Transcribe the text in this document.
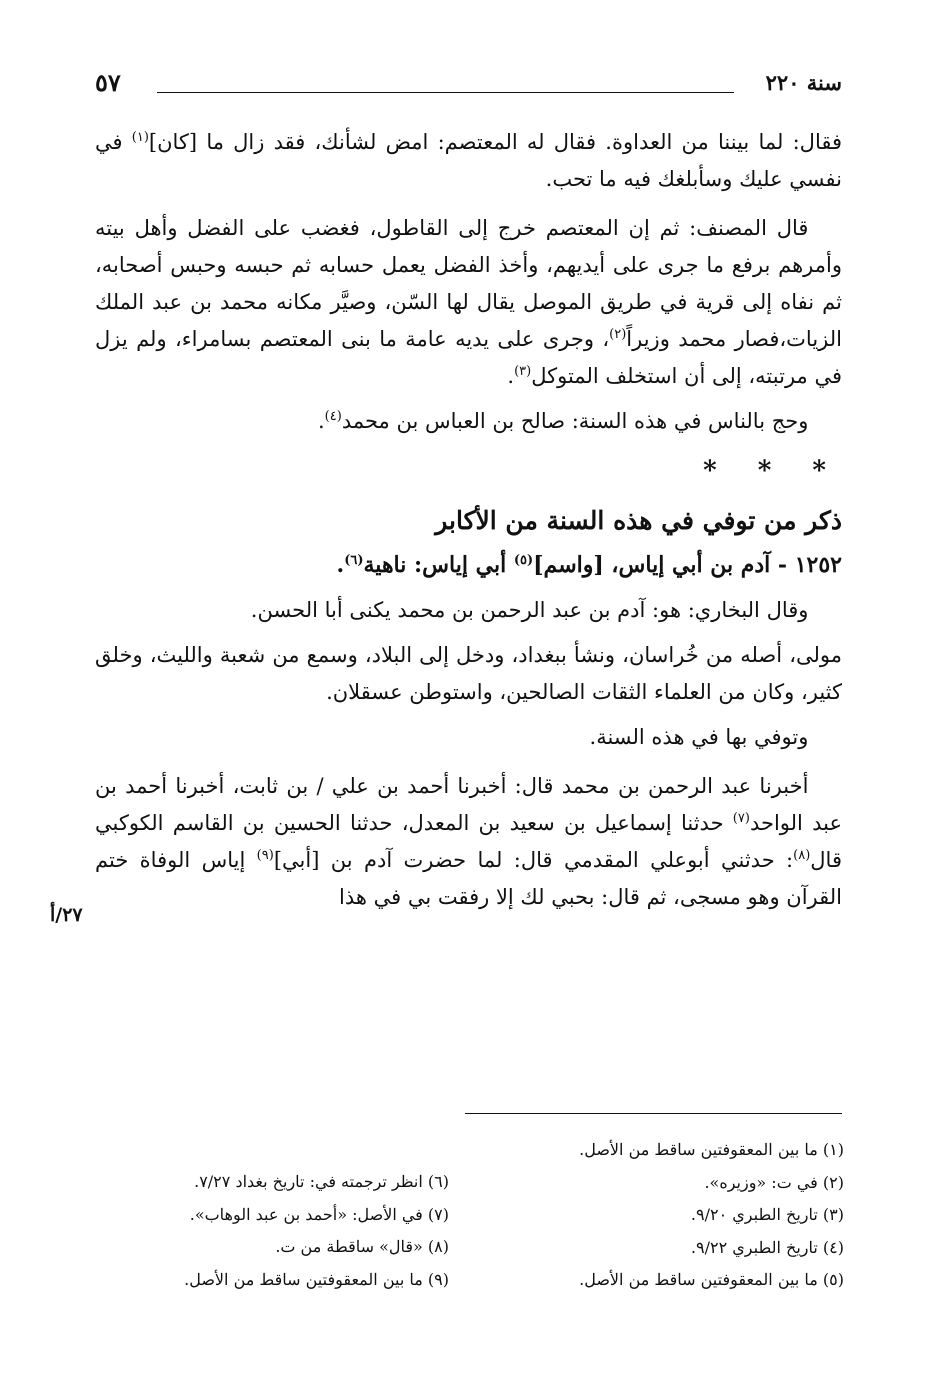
سنة ٢٢٠
٥٧
٢٧/أ

فقال: لما بيننا من العداوة. فقال له المعتصم: امض لشأنك، فقد زال ما [كان]$^{(١)}$ في نفسي عليك وسأبلغك فيه ما تحب.

قال المصنف: ثم إن المعتصم خرج إلى القاطول، فغضب على الفضل وأهل بيته وأمرهم برفع ما جرى على أيديهم، وأخذ الفضل يعمل حسابه ثم حبسه وحبس أصحابه، ثم نفاه إلى قرية في طريق الموصل يقال لها السّن، وصيَّر مكانه محمد بن عبد الملك الزيات،فصار محمد وزيراً$^{(٢)}$، وجرى على يديه عامة ما بنى المعتصم بسامراء، ولم يزل في مرتبته، إلى أن استخلف المتوكل$^{(٣)}$.

وحج بالناس في هذه السنة: صالح بن العباس بن محمد$^{(٤)}$.

* * *

ذكر من توفي في هذه السنة من الأكابر

١٢٥٢ - آدم بن أبي إياس، [واسم]$^{(٥)}$ أبي إياس: ناهية$^{(٦)}$.

وقال البخاري: هو: آدم بن عبد الرحمن بن محمد يكنى أبا الحسن.

مولى، أصله من خُراسان، ونشأ ببغداد، ودخل إلى البلاد، وسمع من شعبة والليث، وخلق كثير، وكان من العلماء الثقات الصالحين، واستوطن عسقلان.

وتوفي بها في هذه السنة.

أخبرنا عبد الرحمن بن محمد قال: أخبرنا أحمد بن علي / بن ثابت، أخبرنا أحمد بن عبد الواحد$^{(٧)}$ حدثنا إسماعيل بن سعيد بن المعدل، حدثنا الحسين بن القاسم الكوكبي قال$^{(٨)}$: حدثني أبوعلي المقدمي قال: لما حضرت آدم بن [أبي]$^{(٩)}$ إياس الوفاة ختم القرآن وهو مسجى، ثم قال: بحبي لك إلا رفقت بي في هذا

(١) ما بين المعقوفتين ساقط من الأصل.

(٢) في ت: «وزيره».

(٣) تاريخ الطبري ٩/٢٠.

(٤) تاريخ الطبري ٩/٢٢.

(٥) ما بين المعقوفتين ساقط من الأصل.

(٦) انظر ترجمته في: تاريخ بغداد ٧/٢٧.

(٧) في الأصل: «أحمد بن عبد الوهاب».

(٨) «قال» ساقطة من ت.

(٩) ما بين المعقوفتين ساقط من الأصل.
